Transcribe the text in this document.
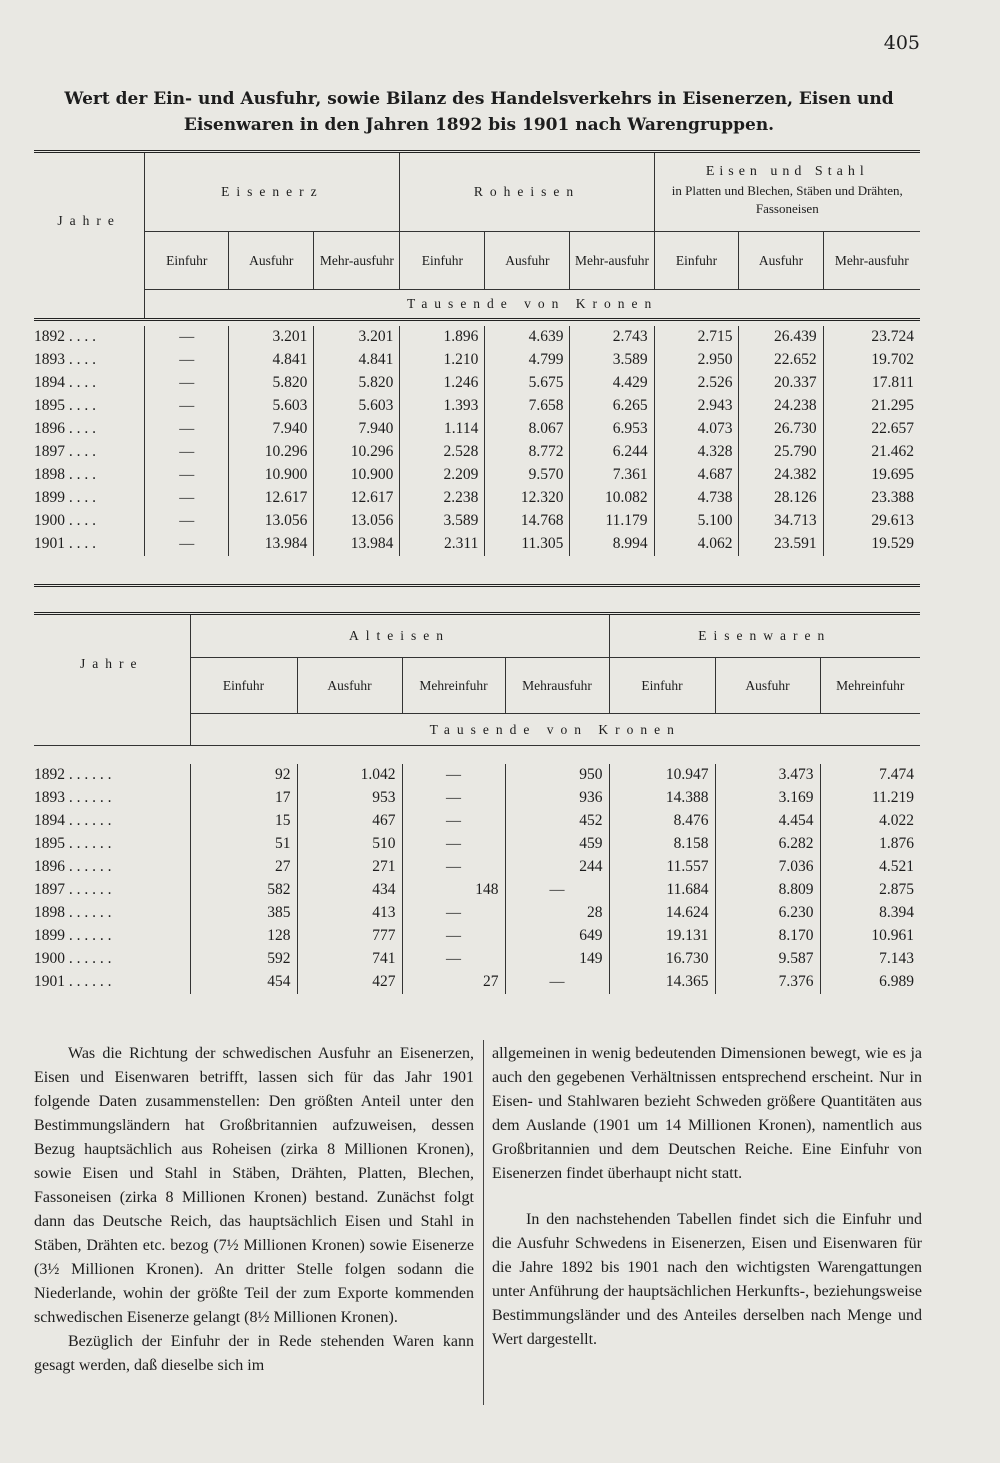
405
Wert der Ein- und Ausfuhr, sowie Bilanz des Handelsverkehrs in Eisenerzen, Eisen und Eisenwaren in den Jahren 1892 bis 1901 nach Warengruppen.
Jahre	Eisenerz			Roheisen			Eisen und Stahl
in Platten und Blechen, Stäben und Drähten, Fassoneisen		

	Einfuhr	Ausfuhr	Mehr-ausfuhr	Einfuhr	Ausfuhr	Mehr-ausfuhr	Einfuhr	Ausfuhr	Mehr-ausfuhr
	Tausende von Kronen								

1892 . . . .	—	3.201	3.201	1.896	4.639	2.743	2.715	26.439	23.724
1893 . . . .	—	4.841	4.841	1.210	4.799	3.589	2.950	22.652	19.702
1894 . . . .	—	5.820	5.820	1.246	5.675	4.429	2.526	20.337	17.811
1895 . . . .	—	5.603	5.603	1.393	7.658	6.265	2.943	24.238	21.295
1896 . . . .	—	7.940	7.940	1.114	8.067	6.953	4.073	26.730	22.657
1897 . . . .	—	10.296	10.296	2.528	8.772	6.244	4.328	25.790	21.462
1898 . . . .	—	10.900	10.900	2.209	9.570	7.361	4.687	24.382	19.695
1899 . . . .	—	12.617	12.617	2.238	12.320	10.082	4.738	28.126	23.388
1900 . . . .	—	13.056	13.056	3.589	14.768	11.179	5.100	34.713	29.613
1901 . . . .	—	13.984	13.984	2.311	11.305	8.994	4.062	23.591	19.529

Jahre	Alteisen				Eisenwaren		
	Einfuhr	Ausfuhr	Mehreinfuhr	Mehrausfuhr	Einfuhr	Ausfuhr	Mehreinfuhr
	Tausende von Kronen						

1892 . . . . . .	92	1.042	—	950	10.947	3.473	7.474
1893 . . . . . .	17	953	—	936	14.388	3.169	11.219
1894 . . . . . .	15	467	—	452	8.476	4.454	4.022
1895 . . . . . .	51	510	—	459	8.158	6.282	1.876
1896 . . . . . .	27	271	—	244	11.557	7.036	4.521
1897 . . . . . .	582	434	148	—	11.684	8.809	2.875
1898 . . . . . .	385	413	—	28	14.624	6.230	8.394
1899 . . . . . .	128	777	—	649	19.131	8.170	10.961
1900 . . . . . .	592	741	—	149	16.730	9.587	7.143
1901 . . . . . .	454	427	27	—	14.365	7.376	6.989

Was die Richtung der schwedischen Ausfuhr an Eisenerzen, Eisen und Eisenwaren betrifft, lassen sich für das Jahr 1901 folgende Daten zusammenstellen: Den größten Anteil unter den Bestimmungsländern hat Großbritannien aufzuweisen, dessen Bezug hauptsächlich aus Roheisen (zirka 8 Millionen Kronen), sowie Eisen und Stahl in Stäben, Drähten, Platten, Blechen, Fassoneisen (zirka 8 Millionen Kronen) bestand. Zunächst folgt dann das Deutsche Reich, das hauptsächlich Eisen und Stahl in Stäben, Drähten etc. bezog (7½ Millionen Kronen) sowie Eisenerze (3½ Millionen Kronen). An dritter Stelle folgen sodann die Niederlande, wohin der größte Teil der zum Exporte kommenden schwedischen Eisenerze gelangt (8½ Millionen Kronen).

Bezüglich der Einfuhr der in Rede stehenden Waren kann gesagt werden, daß dieselbe sich im

allgemeinen in wenig bedeutenden Dimensionen bewegt, wie es ja auch den gegebenen Verhältnissen entsprechend erscheint. Nur in Eisen- und Stahlwaren bezieht Schweden größere Quantitäten aus dem Auslande (1901 um 14 Millionen Kronen), namentlich aus Großbritannien und dem Deutschen Reiche. Eine Einfuhr von Eisenerzen findet überhaupt nicht statt.

In den nachstehenden Tabellen findet sich die Einfuhr und die Ausfuhr Schwedens in Eisenerzen, Eisen und Eisenwaren für die Jahre 1892 bis 1901 nach den wichtigsten Warengattungen unter Anführung der hauptsächlichen Herkunfts-, beziehungsweise Bestimmungsländer und des Anteiles derselben nach Menge und Wert dargestellt.
